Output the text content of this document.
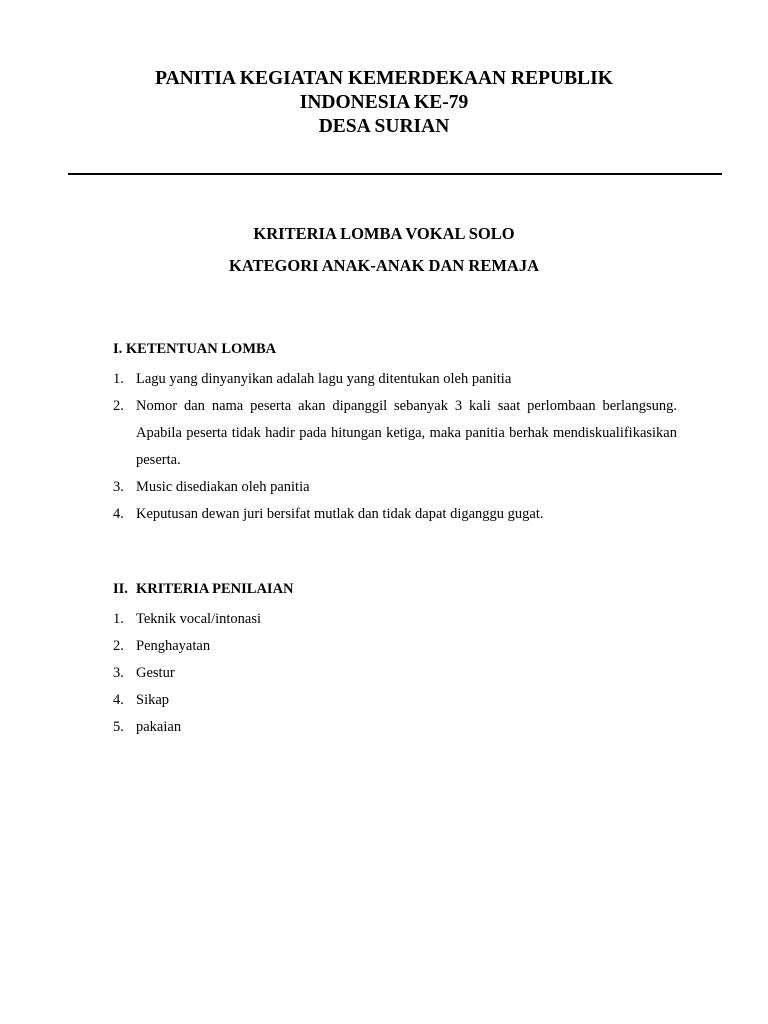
PANITIA KEGIATAN KEMERDEKAAN REPUBLIK
INDONESIA KE-79
DESA SURIAN
KRITERIA LOMBA VOKAL SOLO
KATEGORI ANAK-ANAK DAN REMAJA
I. KETENTUAN LOMBA
1. Lagu yang dinyanyikan adalah lagu yang ditentukan oleh panitia
2. Nomor dan nama peserta akan dipanggil sebanyak 3 kali saat perlombaan berlangsung. Apabila peserta tidak hadir pada hitungan ketiga, maka panitia berhak mendiskualifikasikan peserta.
3. Music disediakan oleh panitia
4. Keputusan dewan juri bersifat mutlak dan tidak dapat diganggu gugat.
II. KRITERIA PENILAIAN
1. Teknik vocal/intonasi
2. Penghayatan
3. Gestur
4. Sikap
5. pakaian
